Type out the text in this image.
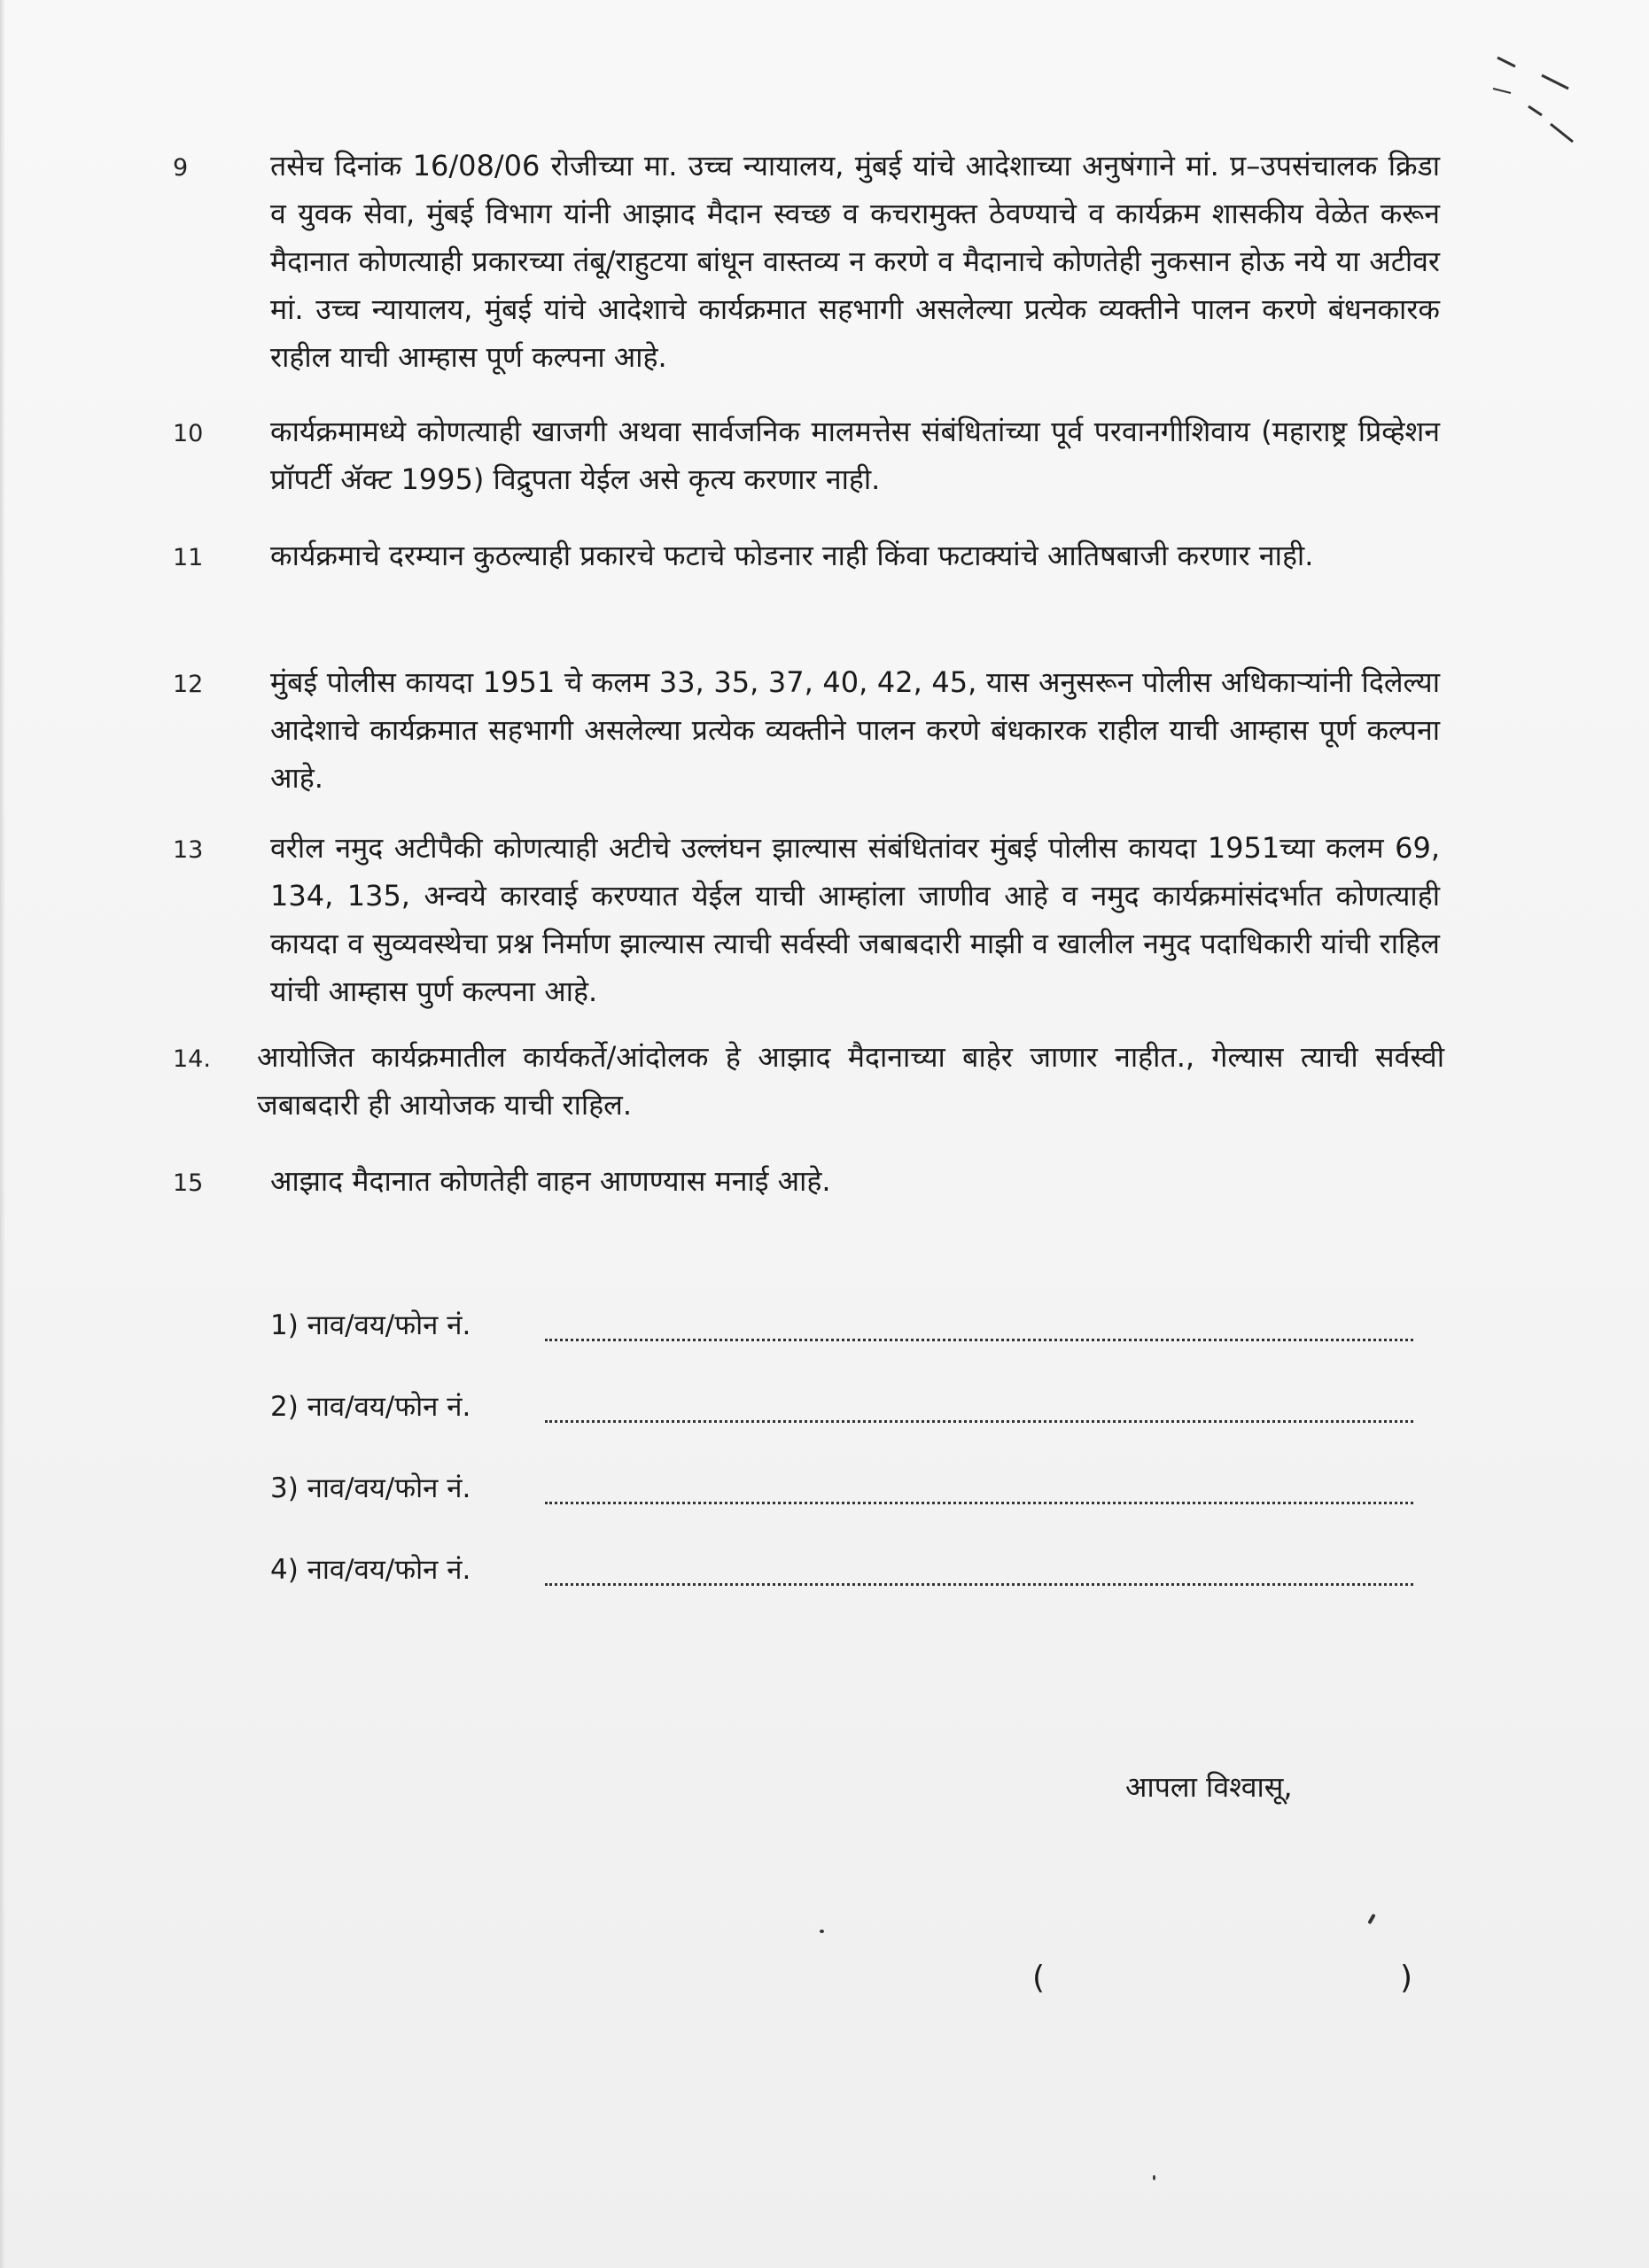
9	तसेच दिनांक 16/08/06 रोजीच्या मा. उच्च न्यायालय, मुंबई यांचे आदेशाच्या अनुषंगाने मां. प्र–उपसंचालक क्रिडा व युवक सेवा, मुंबई विभाग यांनी आझाद मैदान स्वच्छ व कचरामुक्त ठेवण्याचे व कार्यक्रम शासकीय वेळेत करून मैदानात कोणत्याही प्रकारच्या तंबू/राहुटया बांधून वास्तव्य न करणे व मैदानाचे कोणतेही नुकसान होऊ नये या अटीवर मां. उच्च न्यायालय, मुंबई यांचे आदेशाचे कार्यक्रमात सहभागी असलेल्या प्रत्येक व्यक्तीने पालन करणे बंधनकारक राहील याची आम्हास पूर्ण कल्पना आहे.
10	कार्यक्रमामध्ये कोणत्याही खाजगी अथवा सार्वजनिक मालमत्तेस संबंधितांच्या पूर्व परवानगीशिवाय (महाराष्ट्र प्रिव्हेशन प्रॉपर्टी ॲक्ट 1995) विद्रुपता येईल असे कृत्य करणार नाही.
11	कार्यक्रमाचे दरम्यान कुठल्याही प्रकारचे फटाचे फोडनार नाही किंवा फटाक्यांचे आतिषबाजी करणार नाही.
12	मुंबई पोलीस कायदा 1951 चे कलम 33, 35, 37, 40, 42, 45, यास अनुसरून पोलीस अधिकाऱ्यांनी दिलेल्या आदेशाचे कार्यक्रमात सहभागी असलेल्या प्रत्येक व्यक्तीने पालन करणे बंधकारक राहील याची आम्हास पूर्ण कल्पना आहे.
13	वरील नमुद अटीपैकी कोणत्याही अटीचे उल्लंघन झाल्यास संबंधितांवर मुंबई पोलीस कायदा 1951च्या कलम 69, 134, 135, अन्वये कारवाई करण्यात येईल याची आम्हांला जाणीव आहे व नमुद कार्यक्रमांसंदर्भात कोणत्याही कायदा व सुव्यवस्थेचा प्रश्न निर्माण झाल्यास त्याची सर्वस्वी जबाबदारी माझी व खालील नमुद पदाधिकारी यांची राहिल यांची आम्हास पुर्ण कल्पना आहे.
14.	आयोजित कार्यक्रमातील कार्यकर्ते/आंदोलक हे आझाद मैदानाच्या बाहेर जाणार नाहीत., गेल्यास त्याची सर्वस्वी जबाबदारी ही आयोजक याची राहिल.
15	आझाद मैदानात कोणतेही वाहन आणण्यास मनाई आहे.
1) नाव/वय/फोन नं.
2) नाव/वय/फोन नं.
3) नाव/वय/फोन नं.
4) नाव/वय/फोन नं.
आपला विश्वासू,
(	)
